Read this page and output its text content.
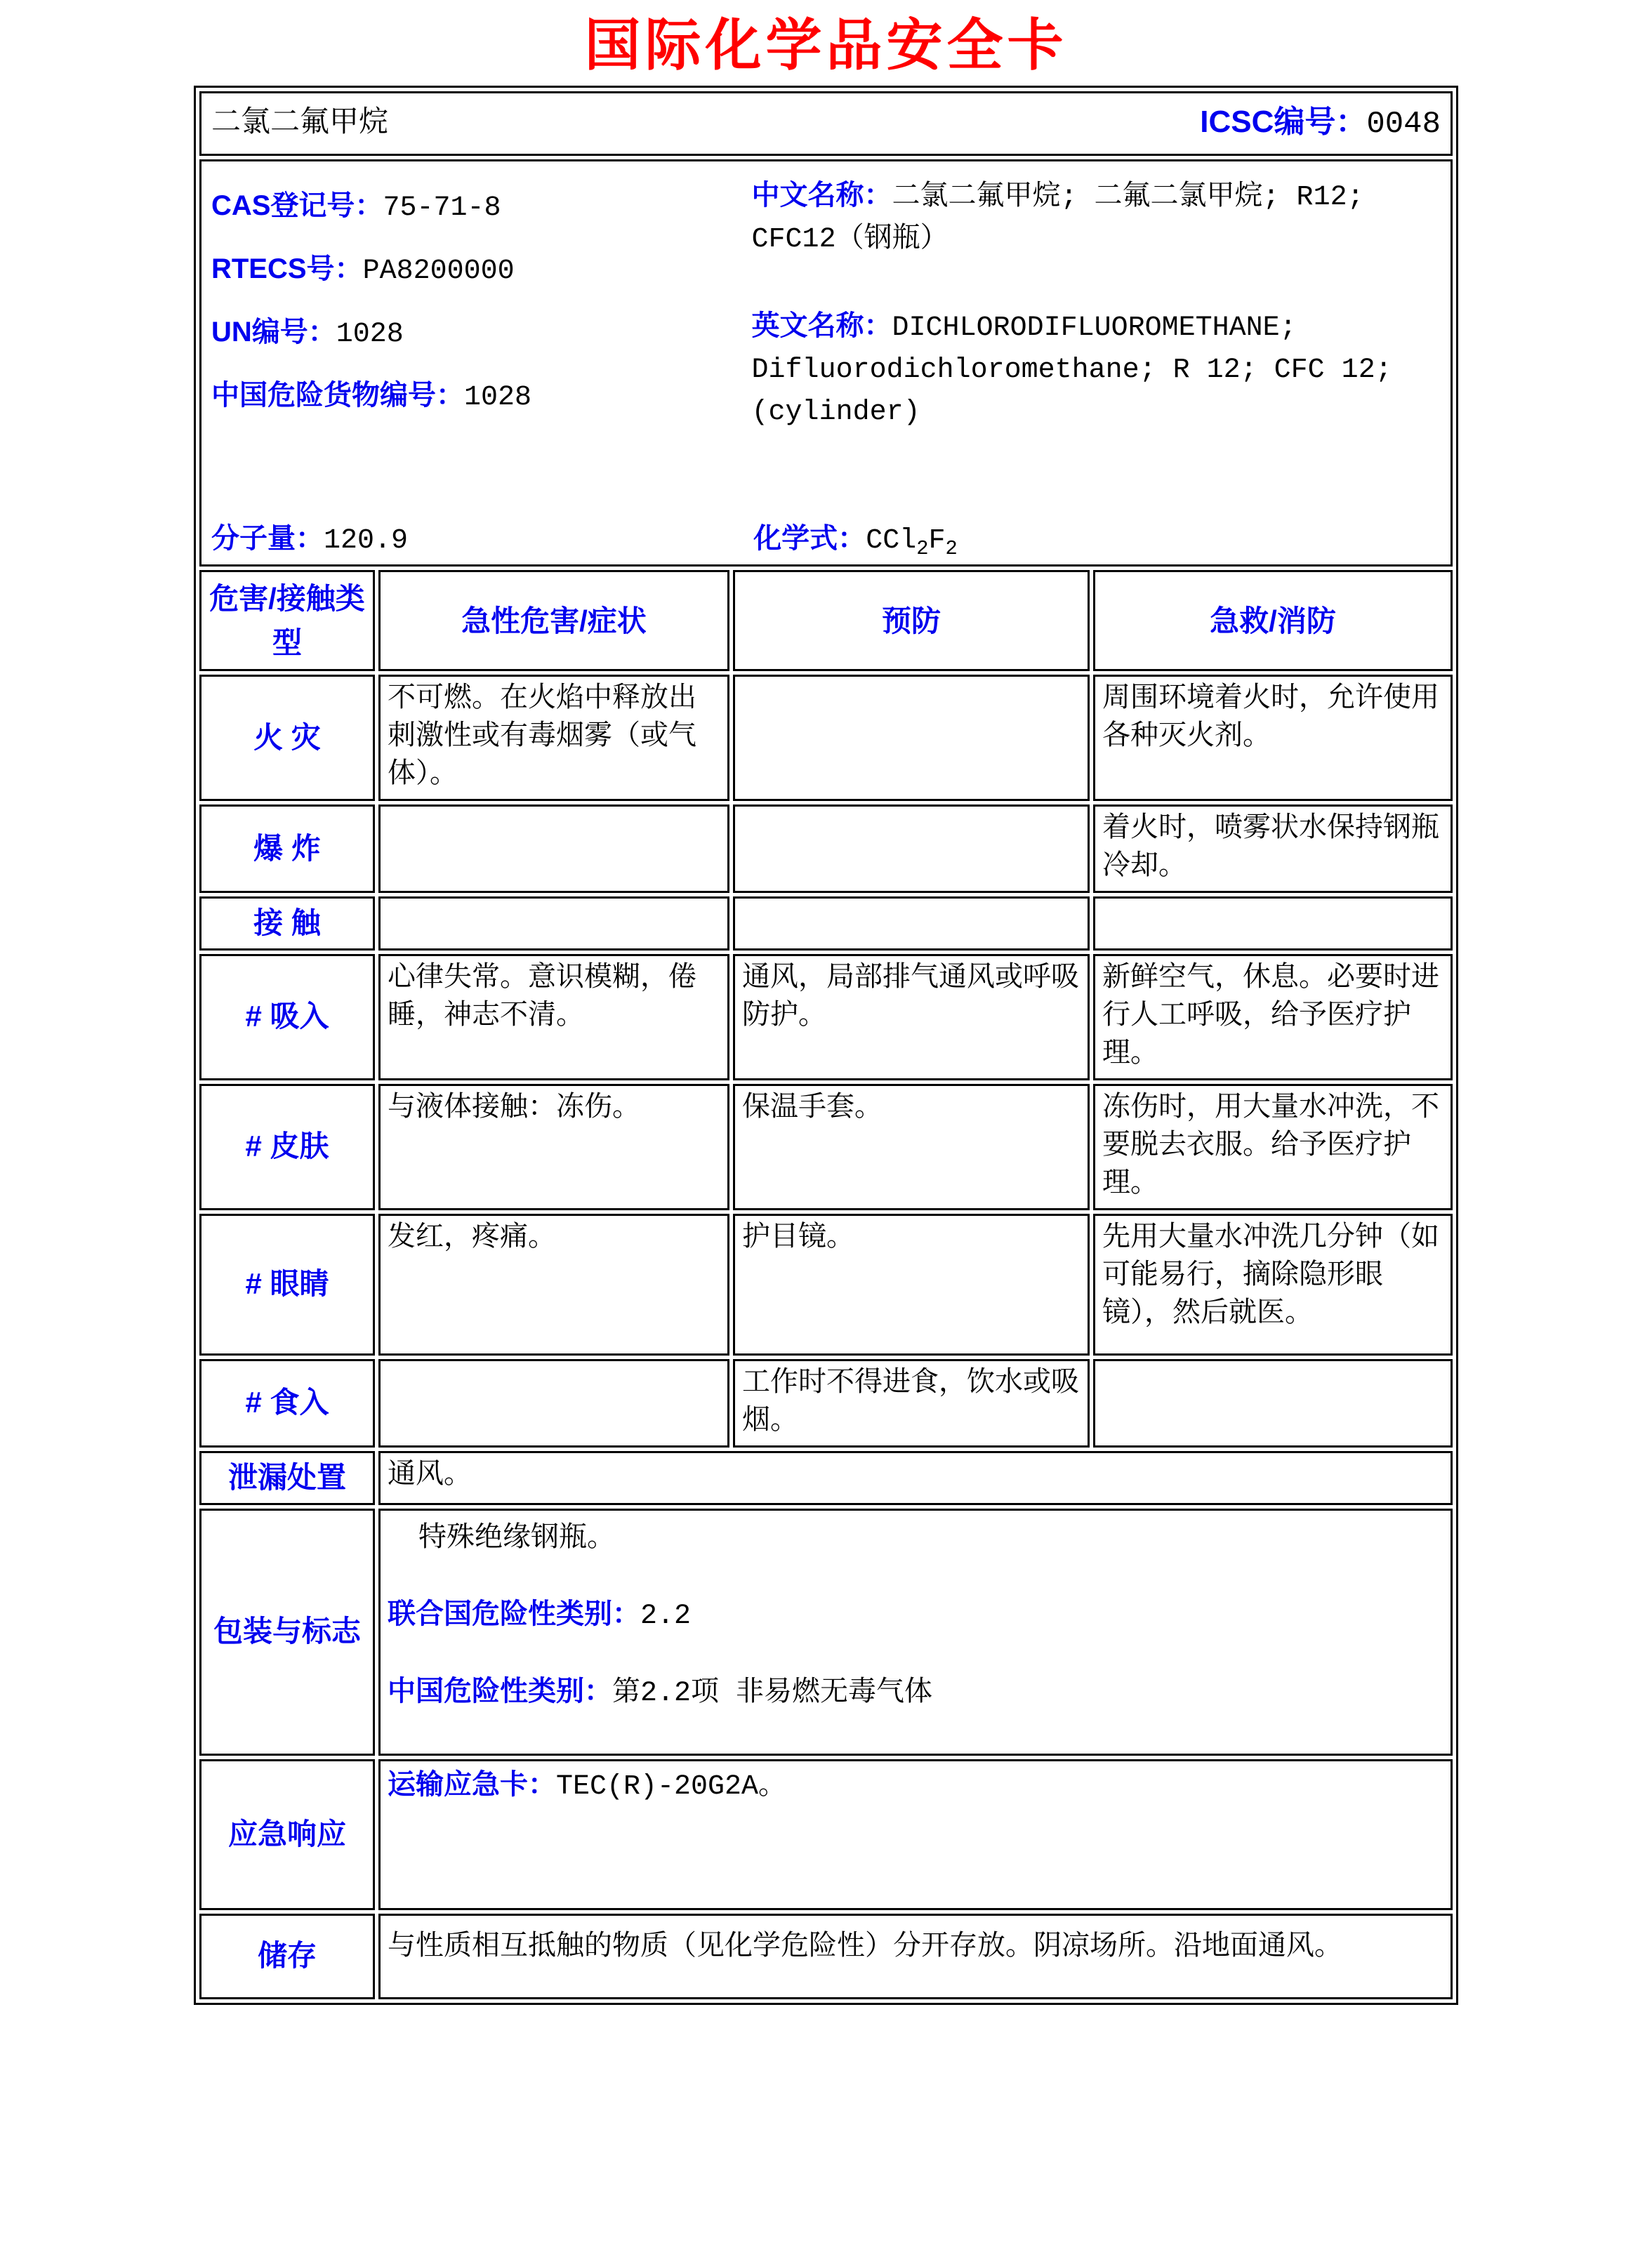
国际化学品安全卡
二氯二氟甲烷 ICSC编号：0048			

CAS登记号：75-71-8
RTECS号：PA8200000
UN编号：1028
中国危险货物编号：1028

中文名称：二氯二氟甲烷; 二氟二氯甲烷; R12; CFC12（钢瓶）

英文名称：DICHLORODIFLUOROMETHANE; Difluorodichloromethane; R 12; CFC 12; (cylinder)

分子量：120.9	化学式：$CCl_2F_2$

危害/接触类型	急性危害/症状	预防	急救/消防
火 灾	不可燃。在火焰中释放出刺激性或有毒烟雾（或气体）。		周围环境着火时，允许使用各种灭火剂。
爆 炸			着火时，喷雾状水保持钢瓶冷却。
接 触			
# 吸入	心律失常。意识模糊，倦睡，神志不清。	通风，局部排气通风或呼吸防护。	新鲜空气，休息。必要时进行人工呼吸，给予医疗护理。
# 皮肤	与液体接触：冻伤。	保温手套。	冻伤时，用大量水冲洗，不要脱去衣服。给予医疗护理。
# 眼睛	发红，疼痛。	护目镜。	先用大量水冲洗几分钟（如可能易行，摘除隐形眼镜），然后就医。
# 食入		工作时不得进食，饮水或吸烟。	
泄漏处置	通风。		
包装与标志	特殊绝缘钢瓶。

联合国危险性类别：2.2

中国危险性类别：第2.2项 非易燃无毒气体		

应急响应	运输应急卡：TEC(R)-20G2A。		
储存	与性质相互抵触的物质（见化学危险性）分开存放。阴凉场所。沿地面通风。		
